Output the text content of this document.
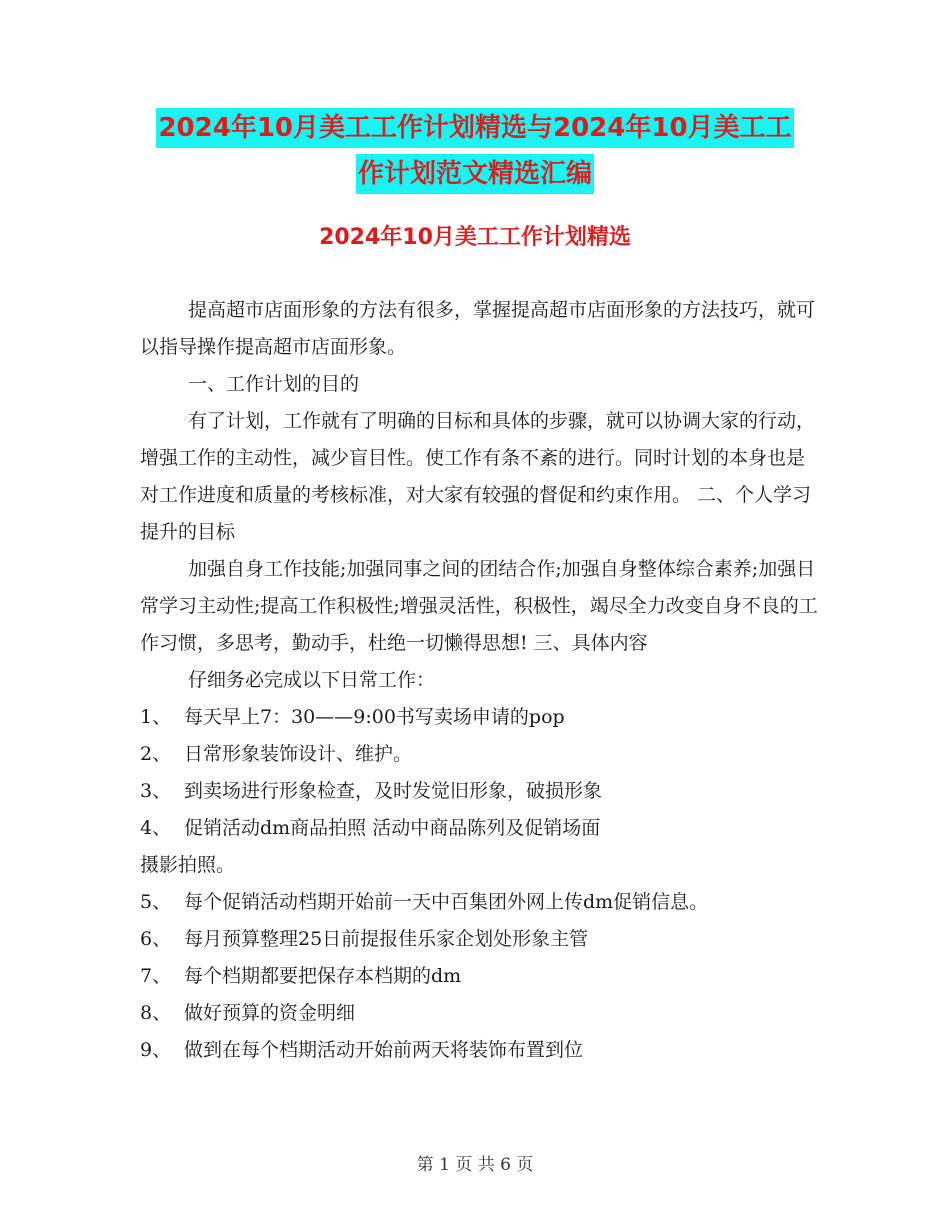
2024年10月美工工作计划精选与2024年10月美工工
作计划范文精选汇编
2024年10月美工工作计划精选

提高超市店面形象的方法有很多，掌握提高超市店面形象的方法技巧，就可以指导操作提高超市店面形象。

一、工作计划的目的

有了计划，工作就有了明确的目标和具体的步骤，就可以协调大家的行动，增强工作的主动性，减少盲目性。使工作有条不紊的进行。同时计划的本身也是对工作进度和质量的考核标准，对大家有较强的督促和约束作用。 二、个人学习提升的目标

加强自身工作技能;加强同事之间的团结合作;加强自身整体综合素养;加强日常学习主动性;提高工作积极性;增强灵活性，积极性，竭尽全力改变自身不良的工作习惯，多思考，勤动手，杜绝一切懒得思想! 三、具体内容

仔细务必完成以下日常工作：

1、 每天早上7：30——9:00书写卖场申请的pop

2、 日常形象装饰设计、维护。

3、 到卖场进行形象检查，及时发觉旧形象，破损形象

4、 促销活动dm商品拍照 活动中商品陈列及促销场面

摄影拍照。

5、 每个促销活动档期开始前一天中百集团外网上传dm促销信息。

6、 每月预算整理25日前提报佳乐家企划处形象主管

7、 每个档期都要把保存本档期的dm

8、 做好预算的资金明细

9、 做到在每个档期活动开始前两天将装饰布置到位

第 1 页 共 6 页
